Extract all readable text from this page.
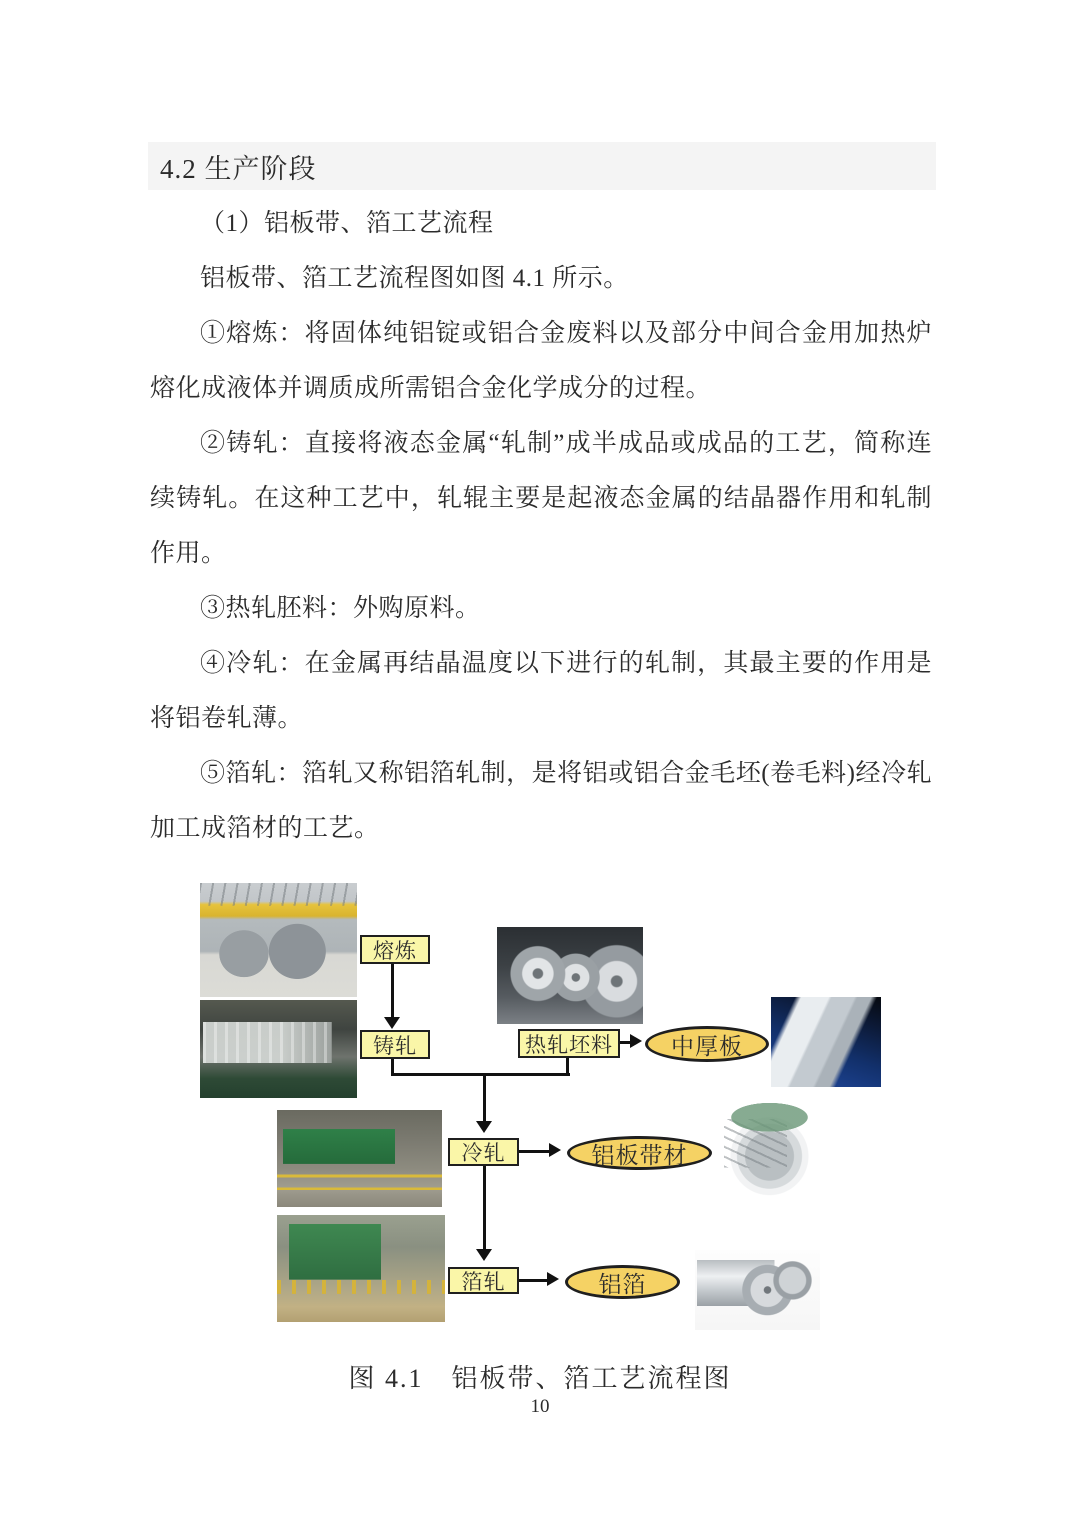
4.2 生产阶段

（1）铝板带、箔工艺流程

铝板带、箔工艺流程图如图 4.1 所示。

①熔炼：将固体纯铝锭或铝合金废料以及部分中间合金用加热炉熔化成液体并调质成所需铝合金化学成分的过程。

②铸轧：直接将液态金属“轧制”成半成品或成品的工艺，简称连续铸轧。在这种工艺中，轧辊主要是起液态金属的结晶器作用和轧制作用。

③热轧胚料：外购原料。

④冷轧：在金属再结晶温度以下进行的轧制，其最主要的作用是将铝卷轧薄。

⑤箔轧：箔轧又称铝箔轧制，是将铝或铝合金毛坯(卷毛料)经冷轧加工成箔材的工艺。

熔炼
铸轧	热轧坯料
冷轧
箔轧
中厚板
铝板带材
铝箔
图 4.1　铝板带、箔工艺流程图
10
